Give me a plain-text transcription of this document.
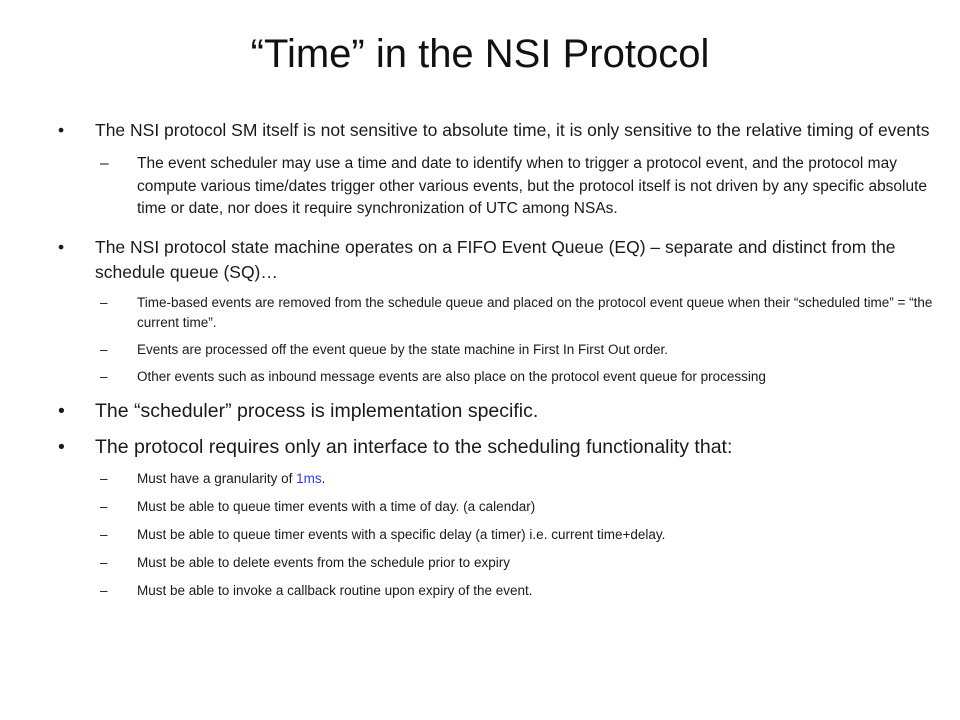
“Time” in the NSI Protocol
• The NSI protocol SM itself is not sensitive to absolute time, it is only sensitive to the relative timing of events
– The event scheduler may use a time and date to identify when to trigger a protocol event, and the protocol may compute various time/dates trigger other various events, but the protocol itself is not driven by any specific absolute time or date, nor does it require synchronization of UTC among NSAs.
• The NSI protocol state machine operates on a FIFO Event Queue (EQ) – separate and distinct from the schedule queue (SQ)…
– Time-based events are removed from the schedule queue and placed on the protocol event queue when their “scheduled time” = “the current time”.
– Events are processed off the event queue by the state machine in First In First Out order.
– Other events such as inbound message events are also place on the protocol event queue for processing
• The “scheduler” process is implementation specific.
• The protocol requires only an interface to the scheduling functionality that:
– Must have a granularity of 1ms.
– Must be able to queue timer events with a time of day. (a calendar)
– Must be able to queue timer events with a specific delay (a timer) i.e. current time+delay.
– Must be able to delete events from the schedule prior to expiry
– Must be able to invoke a callback routine upon expiry of the event.
